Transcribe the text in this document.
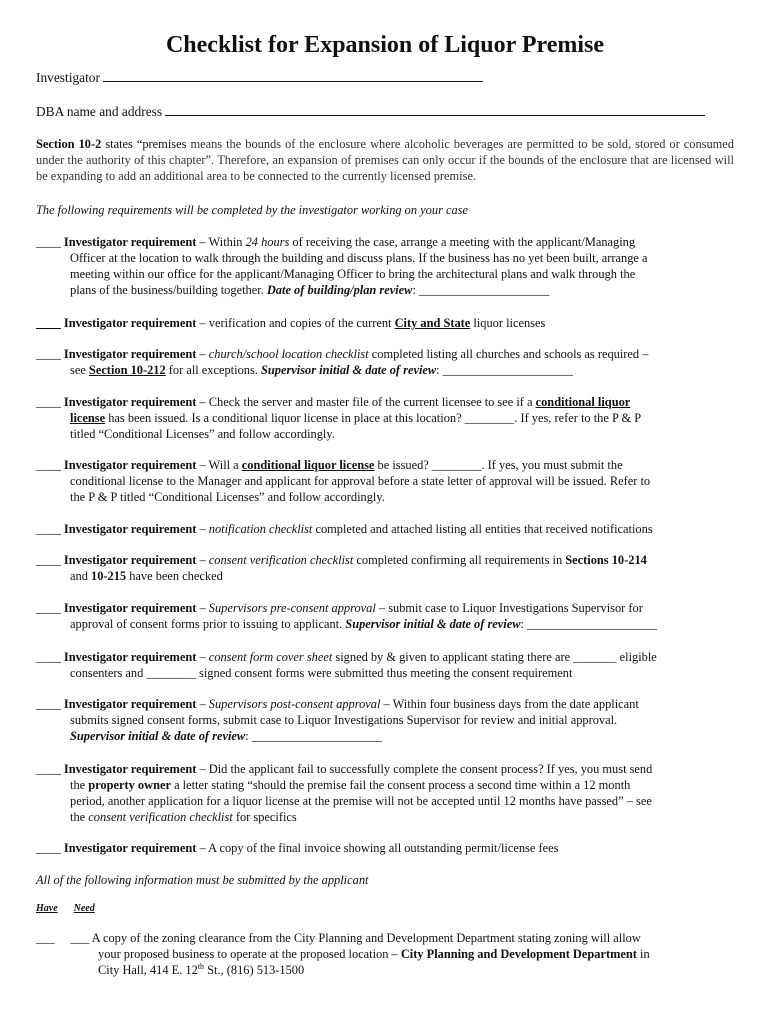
Checklist for Expansion of Liquor Premise
Investigator
DBA name and address
Section 10-2 states “premises means the bounds of the enclosure where alcoholic beverages are permitted to be sold, stored or consumed under the authority of this chapter”. Therefore, an expansion of premises can only occur if the bounds of the enclosure that are licensed will be expanding to add an additional area to be connected to the currently licensed premise.
The following requirements will be completed by the investigator working on your case
____ Investigator requirement – Within 24 hours of receiving the case, arrange a meeting with the applicant/Managing
Officer at the location to walk through the building and discuss plans. If the business has no yet been built, arrange a
meeting within our office for the applicant/Managing Officer to bring the architectural plans and walk through the
plans of the business/building together. Date of building/plan review: _____________________
____ Investigator requirement – verification and copies of the current City and State liquor licenses
____ Investigator requirement – church/school location checklist completed listing all churches and schools as required –
see Section 10-212 for all exceptions. Supervisor initial & date of review: _____________________
____ Investigator requirement – Check the server and master file of the current licensee to see if a conditional liquor
license has been issued. Is a conditional liquor license in place at this location? ________. If yes, refer to the P & P
titled “Conditional Licenses” and follow accordingly.
____ Investigator requirement – Will a conditional liquor license be issued? ________. If yes, you must submit the
conditional license to the Manager and applicant for approval before a state letter of approval will be issued. Refer to
the P & P titled “Conditional Licenses” and follow accordingly.
____ Investigator requirement – notification checklist completed and attached listing all entities that received notifications
____ Investigator requirement – consent verification checklist completed confirming all requirements in Sections 10-214
and 10-215 have been checked
____ Investigator requirement – Supervisors pre-consent approval – submit case to Liquor Investigations Supervisor for
approval of consent forms prior to issuing to applicant. Supervisor initial & date of review: _____________________
____ Investigator requirement – consent form cover sheet signed by & given to applicant stating there are _______ eligible
consenters and ________ signed consent forms were submitted thus meeting the consent requirement
____ Investigator requirement – Supervisors post-consent approval – Within four business days from the date applicant
submits signed consent forms, submit case to Liquor Investigations Supervisor for review and initial approval.
Supervisor initial & date of review: _____________________
____ Investigator requirement – Did the applicant fail to successfully complete the consent process? If yes, you must send
the property owner a letter stating “should the premise fail the consent process a second time within a 12 month
period, another application for a liquor license at the premise will not be accepted until 12 months have passed” – see
the consent verification checklist for specifics
____ Investigator requirement – A copy of the final invoice showing all outstanding permit/license fees
All of the following information must be submitted by the applicant
Have Need
___ ___ A copy of the zoning clearance from the City Planning and Development Department stating zoning will allow
your proposed business to operate at the proposed location – City Planning and Development Department in
City Hall, 414 E. 12th St., (816) 513-1500
